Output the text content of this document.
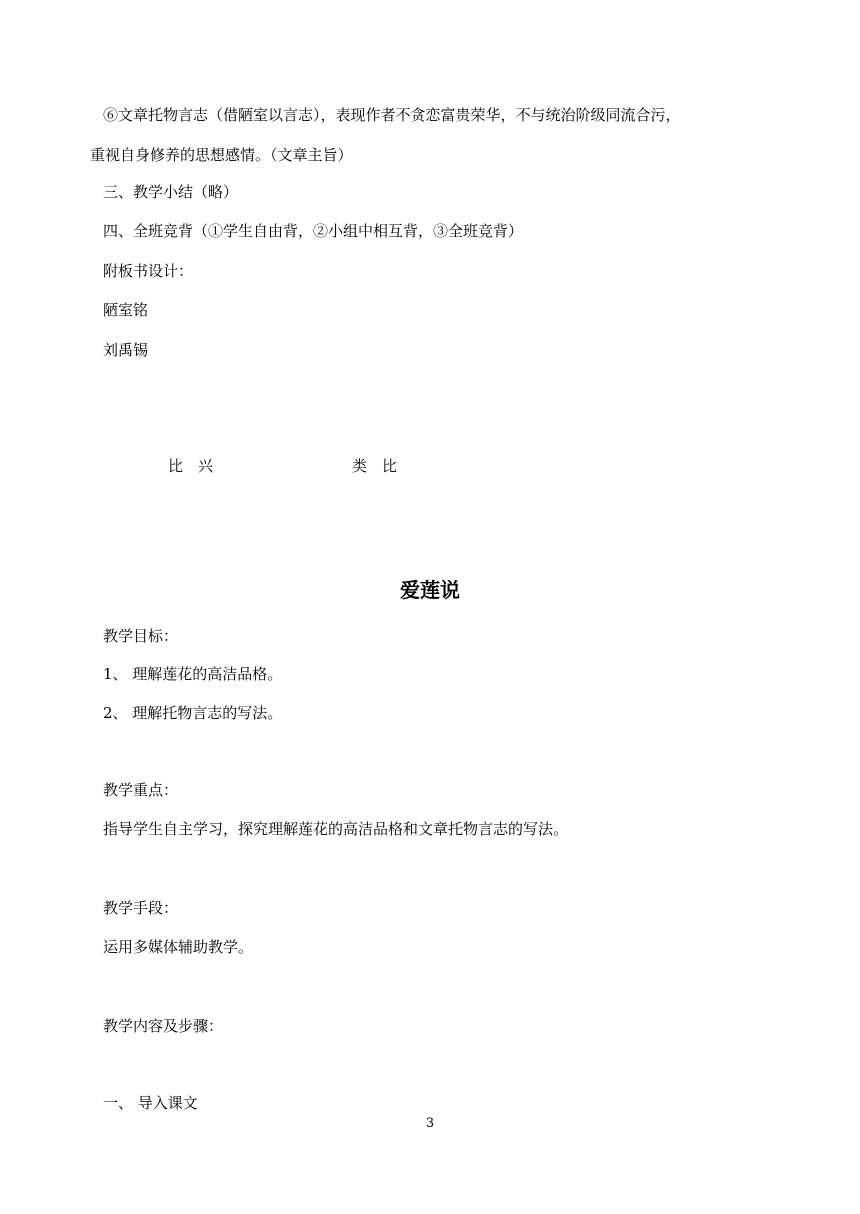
⑥文章托物言志（借陋室以言志），表现作者不贪恋富贵荣华，不与统治阶级同流合污，
重视自身修养的思想感情。（文章主旨）
三、教学小结（略）
四、全班竞背（①学生自由背，②小组中相互背，③全班竞背）
附板书设计：
陋室铭
刘禹锡
比　兴	类　比
爱莲说
教学目标：
1、 理解莲花的高洁品格。
2、 理解托物言志的写法。
教学重点：
指导学生自主学习，探究理解莲花的高洁品格和文章托物言志的写法。
教学手段：
运用多媒体辅助教学。
教学内容及步骤：
一、 导入课文
3
